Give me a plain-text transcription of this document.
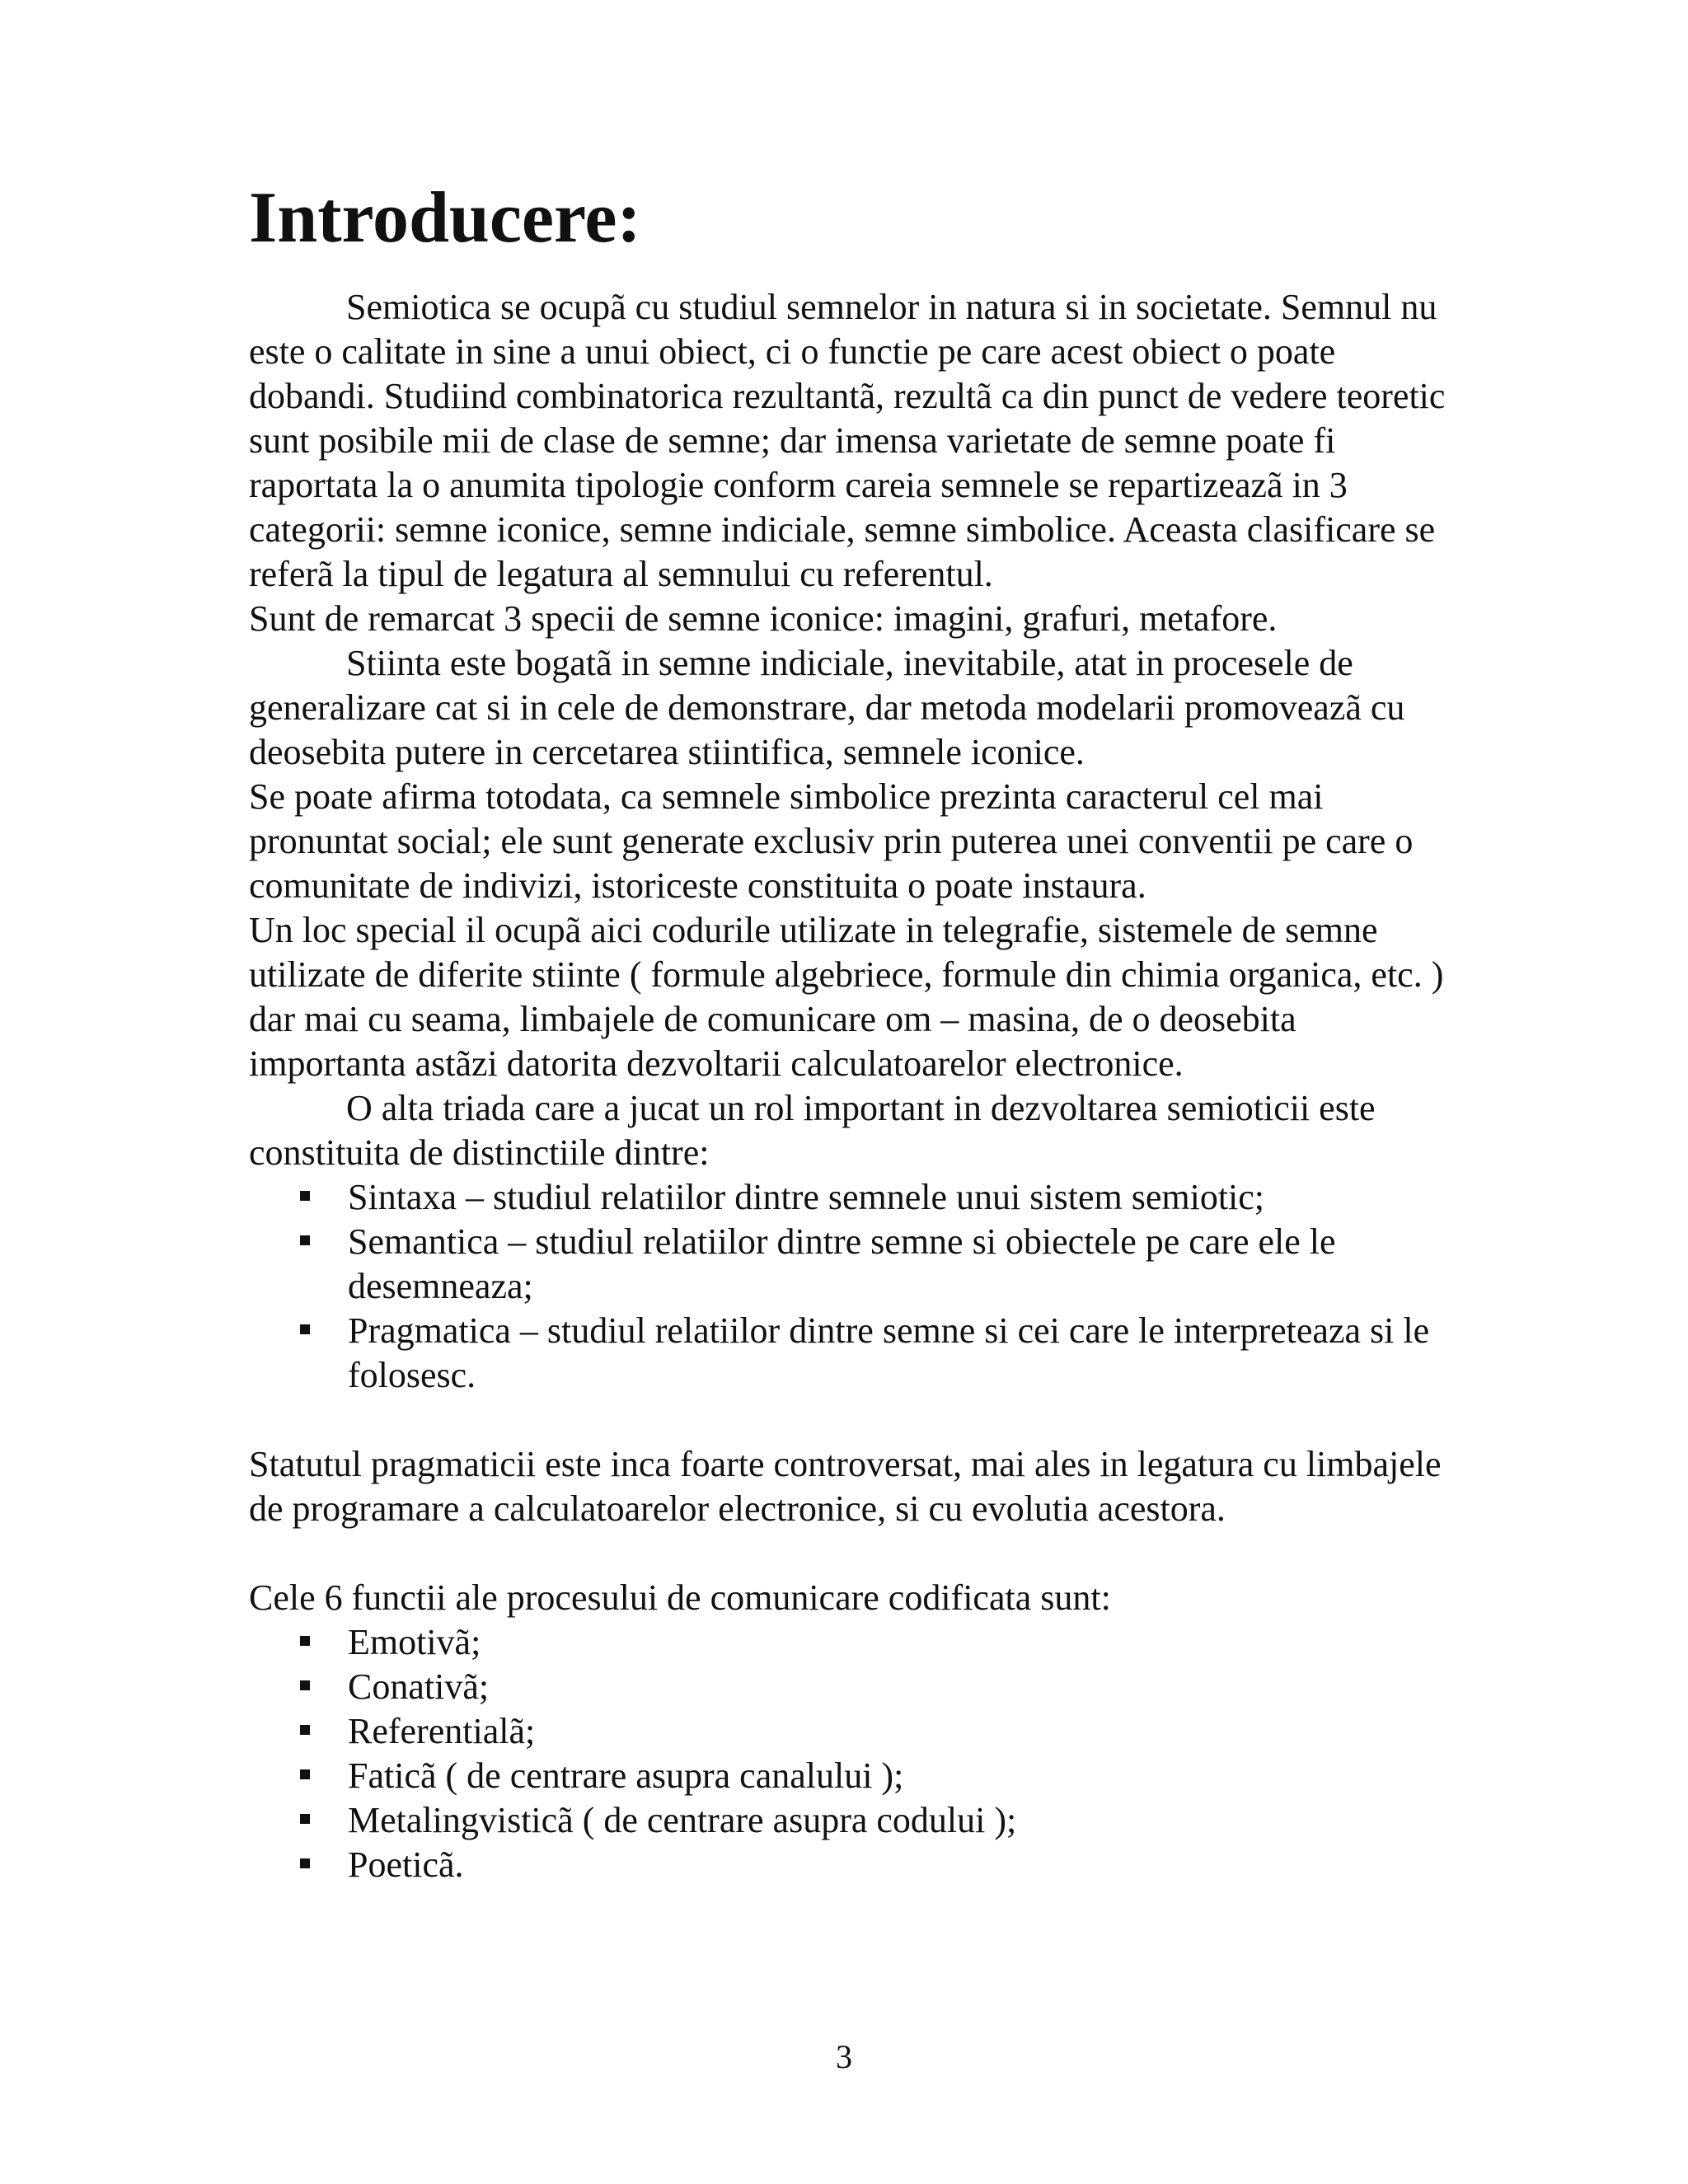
Introducere:

Semiotica se ocupã cu studiul semnelor in natura si in societate. Semnul nu este o calitate in sine a unui obiect, ci o functie pe care acest obiect o poate dobandi. Studiind combinatorica rezultantã, rezultã ca din punct de vedere teoretic sunt posibile mii de clase de semne; dar imensa varietate de semne poate fi raportata la o anumita tipologie conform careia semnele se repartizeazã in 3 categorii: semne iconice, semne indiciale, semne simbolice. Aceasta clasificare se referã la tipul de legatura al semnului cu referentul.

Sunt de remarcat 3 specii de semne iconice: imagini, grafuri, metafore.

Stiinta este bogatã in semne indiciale, inevitabile, atat in procesele de generalizare cat si in cele de demonstrare, dar metoda modelarii promoveazã cu deosebita putere in cercetarea stiintifica, semnele iconice.

Se poate afirma totodata, ca semnele simbolice prezinta caracterul cel mai pronuntat social; ele sunt generate exclusiv prin puterea unei conventii pe care o comunitate de indivizi, istoriceste constituita o poate instaura.

Un loc special il ocupã aici codurile utilizate in telegrafie, sistemele de semne utilizate de diferite stiinte ( formule algebriece, formule din chimia organica, etc. ) dar mai cu seama, limbajele de comunicare om – masina, de o deosebita importanta astãzi datorita dezvoltarii calculatoarelor electronice.

O alta triada care a jucat un rol important in dezvoltarea semioticii este constituita de distinctiile dintre:

Sintaxa – studiul relatiilor dintre semnele unui sistem semiotic;
Semantica – studiul relatiilor dintre semne si obiectele pe care ele le desemneaza;
Pragmatica – studiul relatiilor dintre semne si cei care le interpreteaza si le folosesc.

Statutul pragmaticii este inca foarte controversat, mai ales in legatura cu limbajele de programare a calculatoarelor electronice, si cu evolutia acestora.

Cele 6 functii ale procesului de comunicare codificata sunt:

Emotivã;
Conativã;
Referentialã;
Faticã ( de centrare asupra canalului );
Metalingvisticã ( de centrare asupra codului );
Poeticã.
3
